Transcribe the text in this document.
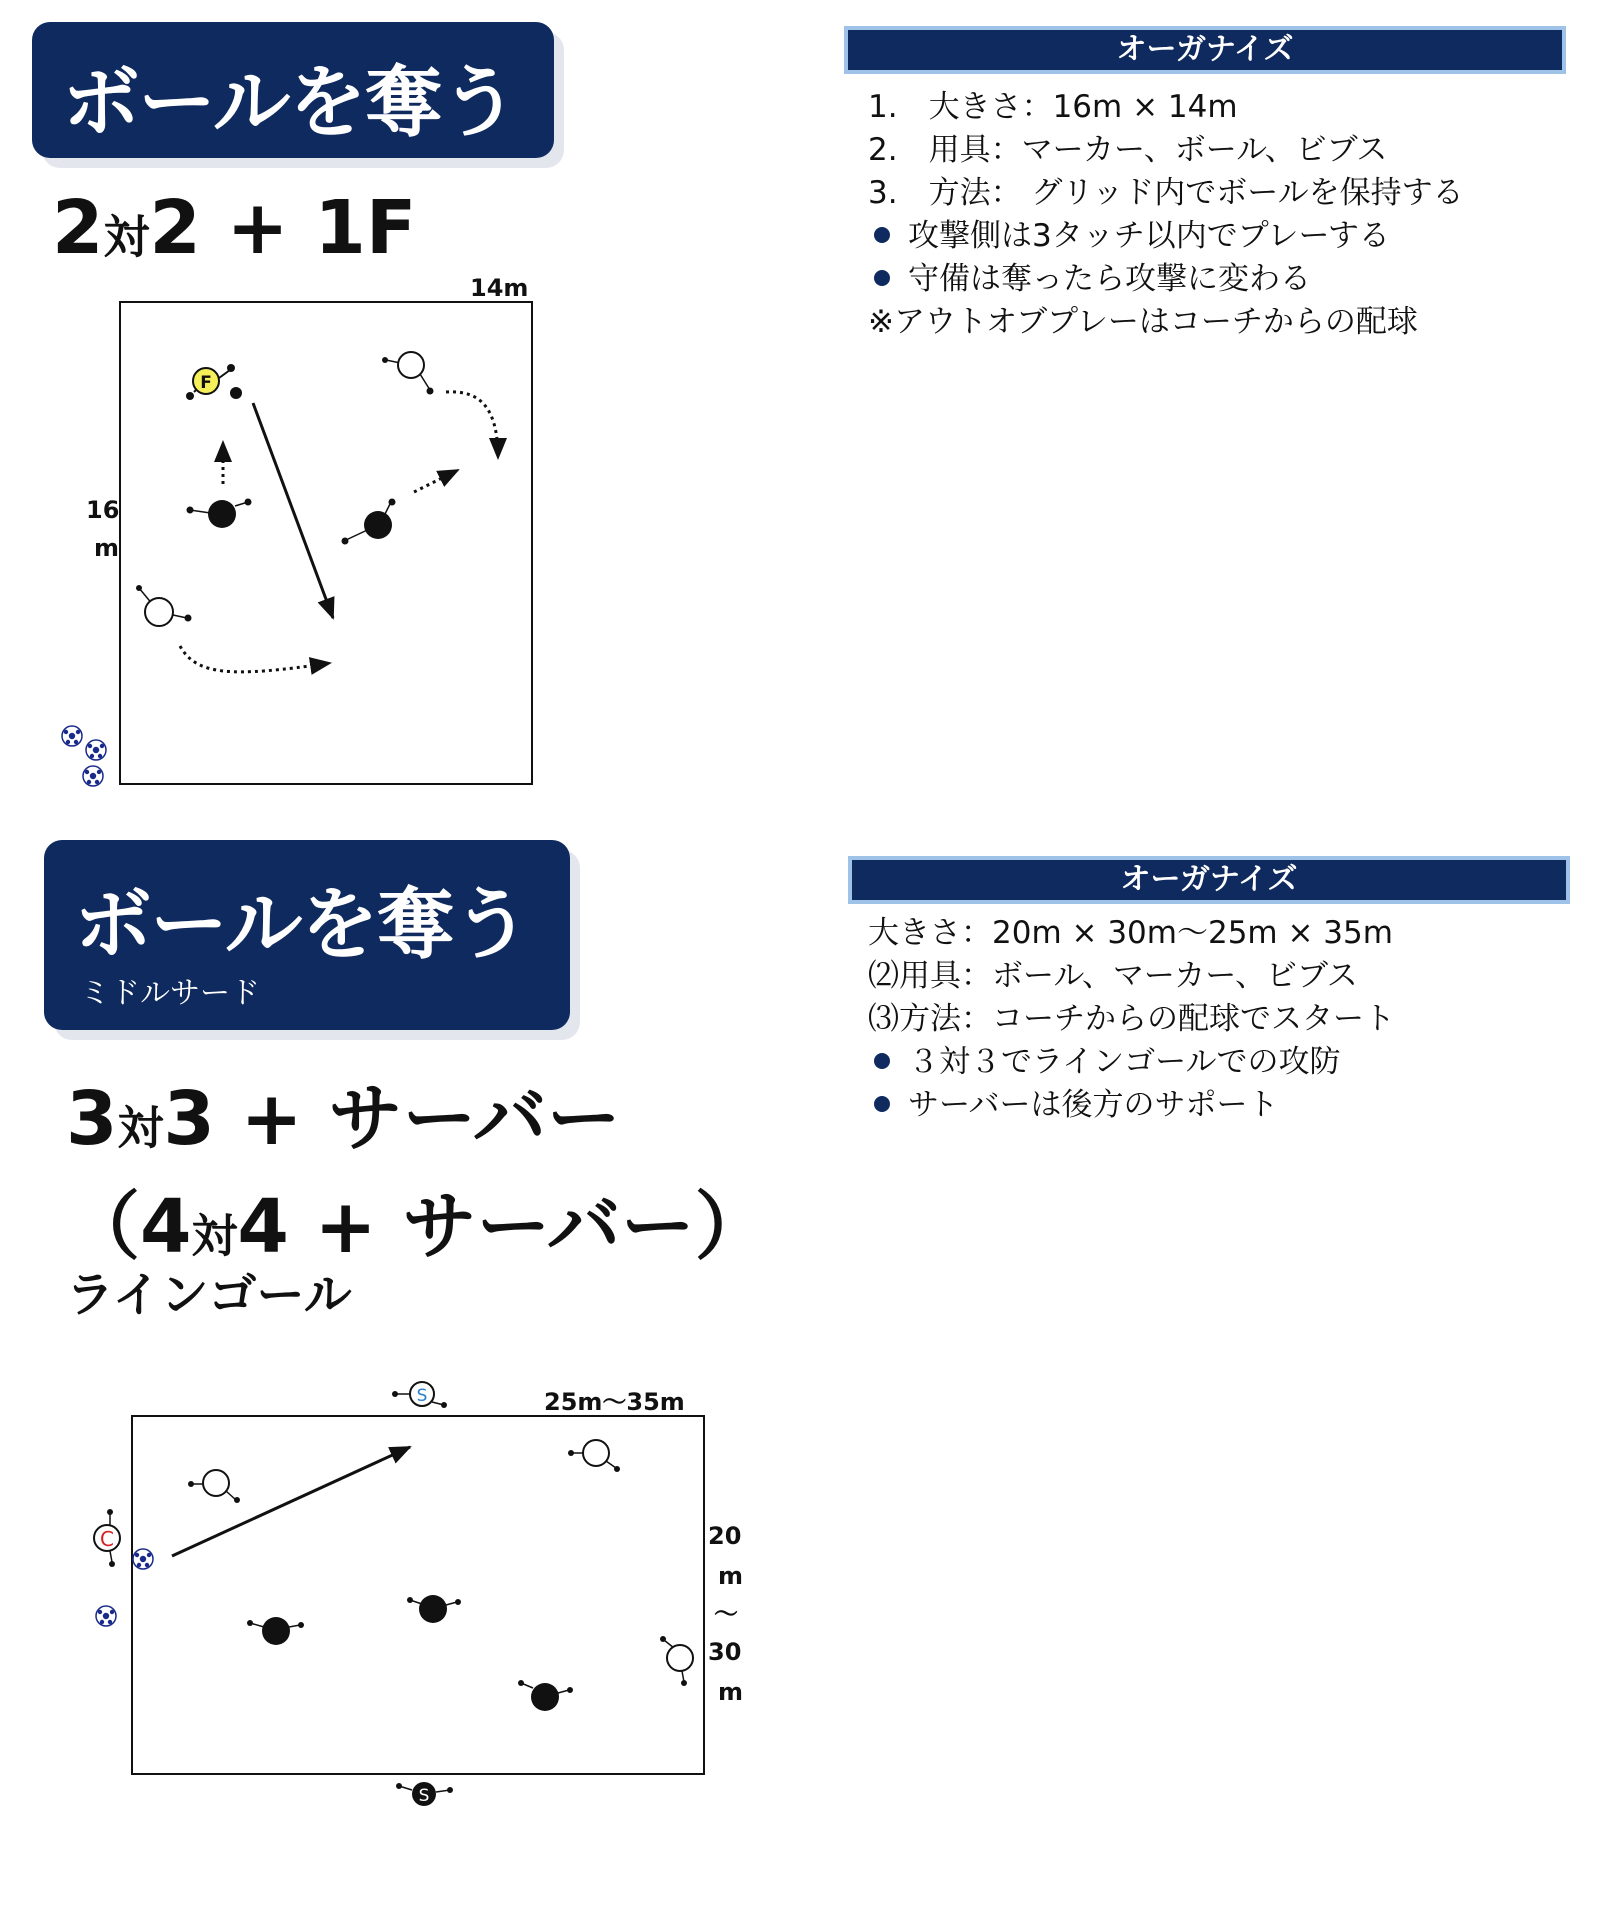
ボールを奪う
2対2 + 1F
オーガナイズ
1.　大きさ：16m × 14m
2.　用具：マーカー、ボール、ビブス
3.　方法： グリッド内でボールを保持する
攻撃側は3タッチ以内でプレーする
守備は奪ったら攻撃に変わる
※アウトオブプレーはコーチからの配球
ボールを奪う
ミドルサード
3対3 + サーバー
（4対4 + サーバー）
ラインゴール
オーガナイズ
大きさ：20m × 30m～25m × 35m
⑵用具：ボール、マーカー、ビブス
⑶方法：コーチからの配球でスタート
３対３でラインゴールでの攻防
サーバーは後方のサポート
14m
16
m
F
25m～35m
20
m
～
30
m
S
S
C
